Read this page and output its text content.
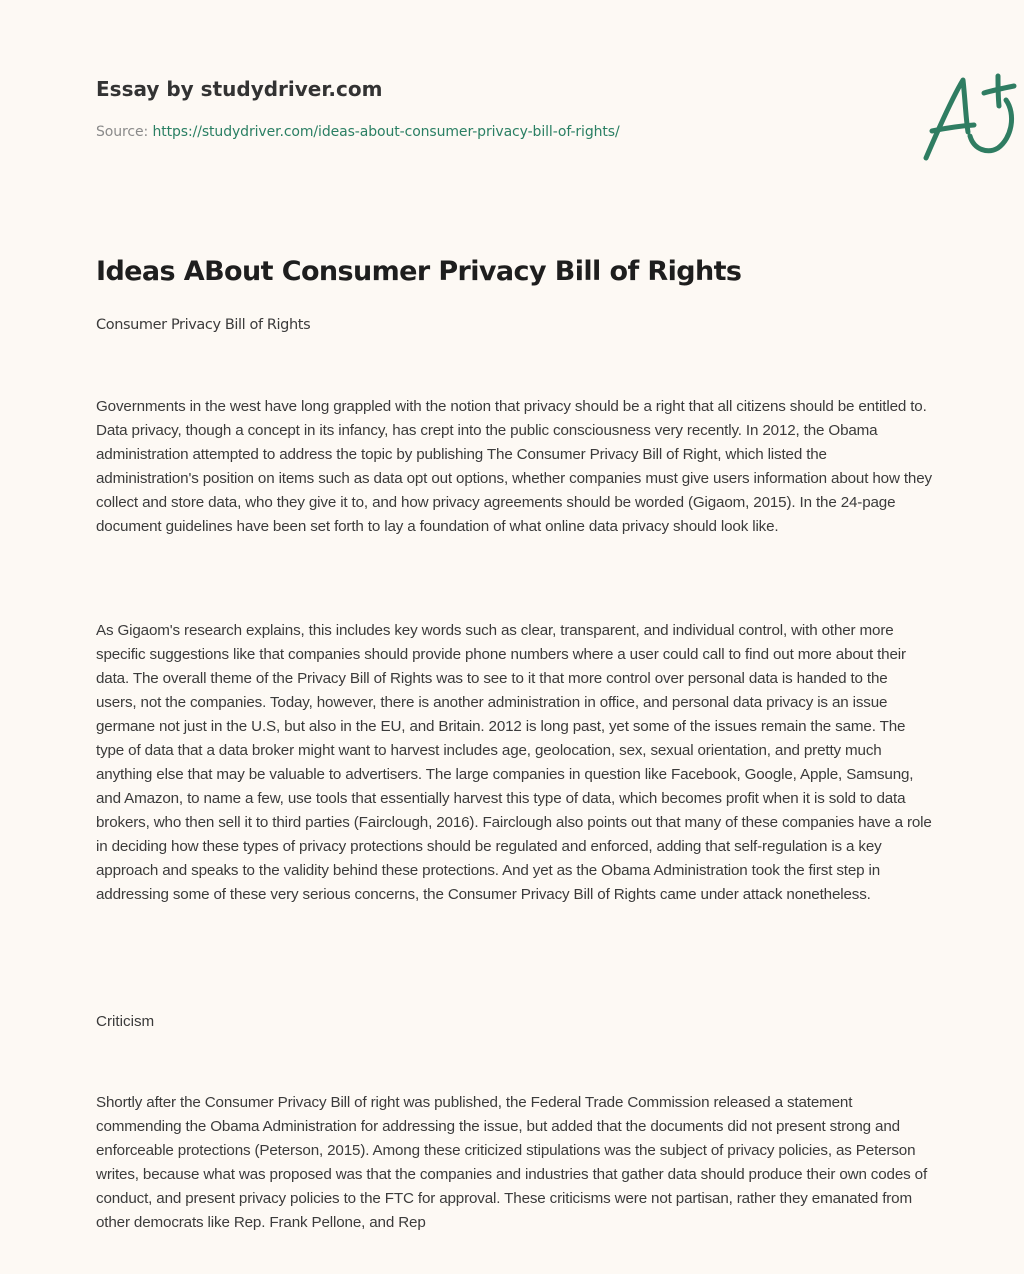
Essay by studydriver.com
Source: https://studydriver.com/ideas-about-consumer-privacy-bill-of-rights/
Ideas ABout Consumer Privacy Bill of Rights
Consumer Privacy Bill of Rights

Governments in the west have long grappled with the notion that privacy should be a right that all citizens should be entitled to. Data privacy, though a concept in its infancy, has crept into the public consciousness very recently. In 2012, the Obama administration attempted to address the topic by publishing The Consumer Privacy Bill of Right, which listed the administration's position on items such as data opt out options, whether companies must give users information about how they collect and store data, who they give it to, and how privacy agreements should be worded (Gigaom, 2015). In the 24-page document guidelines have been set forth to lay a foundation of what online data privacy should look like.

As Gigaom's research explains, this includes key words such as clear, transparent, and individual control, with other more specific suggestions like that companies should provide phone numbers where a user could call to find out more about their data. The overall theme of the Privacy Bill of Rights was to see to it that more control over personal data is handed to the users, not the companies. Today, however, there is another administration in office, and personal data privacy is an issue germane not just in the U.S, but also in the EU, and Britain. 2012 is long past, yet some of the issues remain the same. The type of data that a data broker might want to harvest includes age, geolocation, sex, sexual orientation, and pretty much anything else that may be valuable to advertisers. The large companies in question like Facebook, Google, Apple, Samsung, and Amazon, to name a few, use tools that essentially harvest this type of data, which becomes profit when it is sold to data brokers, who then sell it to third parties (Fairclough, 2016). Fairclough also points out that many of these companies have a role in deciding how these types of privacy protections should be regulated and enforced, adding that self-regulation is a key approach and speaks to the validity behind these protections. And yet as the Obama Administration took the first step in addressing some of these very serious concerns, the Consumer Privacy Bill of Rights came under attack nonetheless.

Criticism

Shortly after the Consumer Privacy Bill of right was published, the Federal Trade Commission released a statement commending the Obama Administration for addressing the issue, but added that the documents did not present strong and enforceable protections (Peterson, 2015). Among these criticized stipulations was the subject of privacy policies, as Peterson writes, because what was proposed was that the companies and industries that gather data should produce their own codes of conduct, and present privacy policies to the FTC for approval. These criticisms were not partisan, rather they emanated from other democrats like Rep. Frank Pellone, and Rep
